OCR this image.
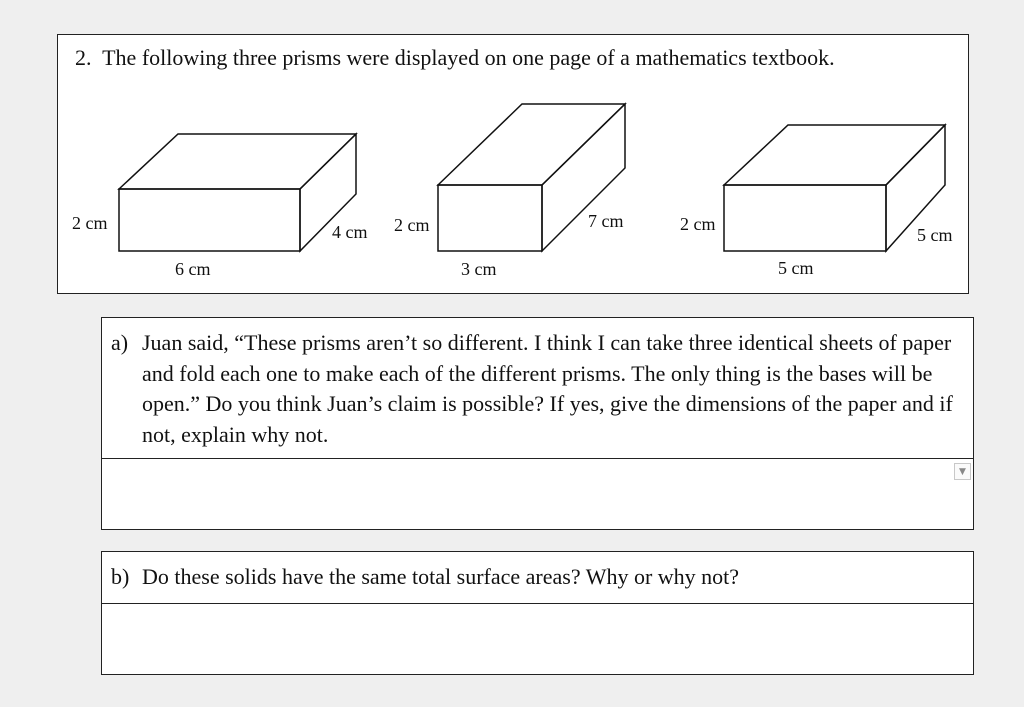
2. The following three prisms were displayed on one page of a mathematics textbook.
2 cm	4 cm
6 cm
2 cm	7 cm
3 cm
2 cm
5 cm
5 cm
a) Juan said, “These prisms aren’t so different. I think I can take three identical sheets of paper and fold each one to make each of the different prisms. The only thing is the bases will be open.” Do you think Juan’s claim is possible? If yes, give the dimensions of the paper and if not, explain why not.
▼
b) Do these solids have the same total surface areas? Why or why not?
